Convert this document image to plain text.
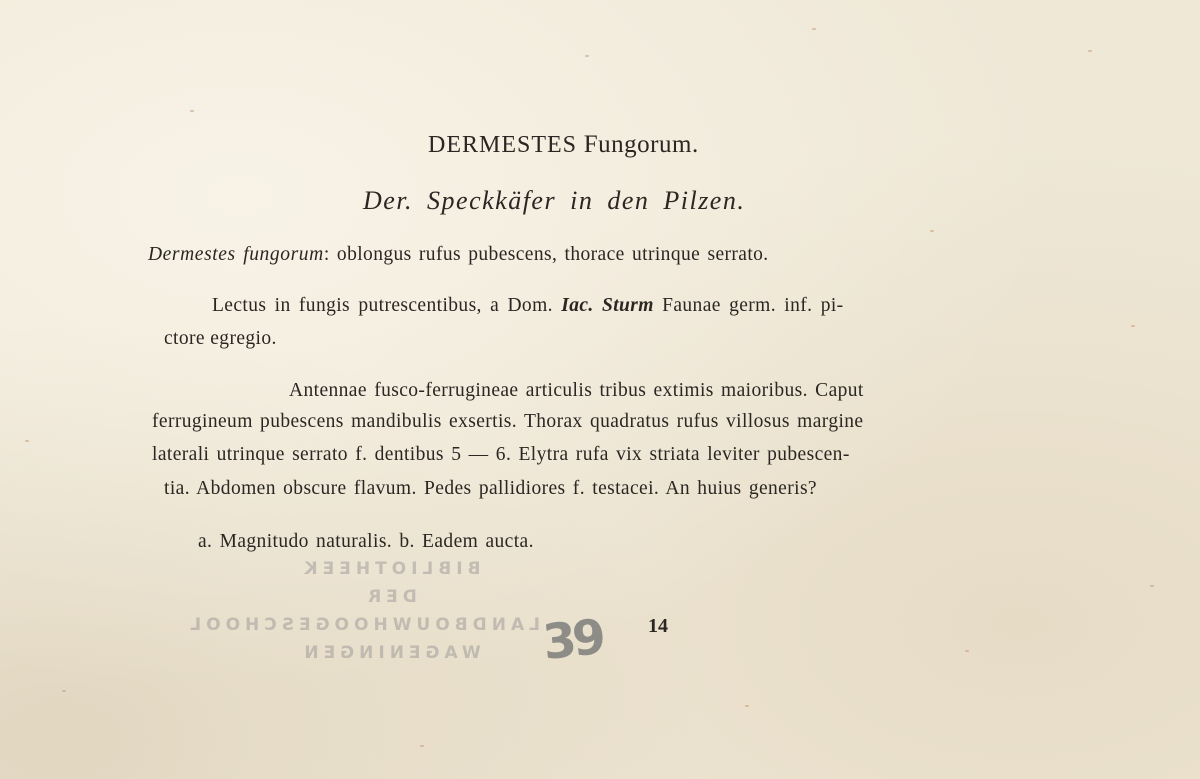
BIBLIOTHEEK
DER
LANDBOUWHOOGESCHOOL
WAGENINGEN
DERMESTES Fungorum.
Der. Speckkäfer in den Pilzen.
Dermestes fungorum: oblongus rufus pubescens, thorace utrinque serrato.
Lectus in fungis putrescentibus, a Dom. Iac. Sturm Faunae germ. inf. pi-
ctore egregio.
Antennae fusco-ferrugineae articulis tribus extimis maioribus. Caput
ferrugineum pubescens mandibulis exsertis. Thorax quadratus rufus villosus margine
laterali utrinque serrato f. dentibus 5 — 6. Elytra rufa vix striata leviter pubescen-
tia. Abdomen obscure flavum. Pedes pallidiores f. testacei. An huius generis?
a. Magnitudo naturalis. b. Eadem aucta.
39 14
